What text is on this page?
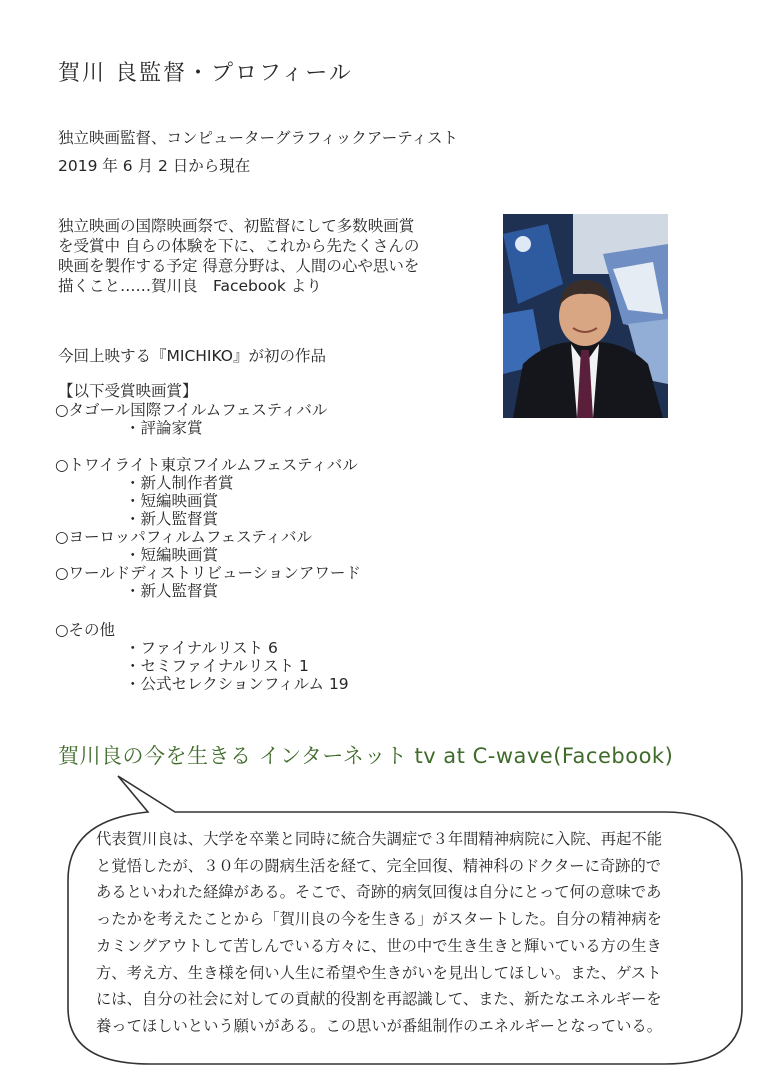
賀川 良監督・プロフィール
独立映画監督、コンピューターグラフィックアーティスト
2019 年 6 月 2 日から現在
独立映画の国際映画祭で、初監督にして多数映画賞
を受賞中 自らの体験を下に、これから先たくさんの
映画を製作する予定 得意分野は、人間の心や思いを
描くこと……賀川良　Facebook より
今回上映する『MICHIKO』が初の作品
【以下受賞映画賞】
○タゴール国際フイルムフェスティバル
・評論家賞
○トワイライト東京フイルムフェスティバル
・新人制作者賞
・短編映画賞
・新人監督賞
○ヨーロッパフィルムフェスティバル
・短編映画賞
○ワールドディストリビューションアワード
・新人監督賞
○その他
・ファイナルリスト 6
・セミファイナルリスト 1
・公式セレクションフィルム 19
賀川良の今を生きる インターネット tv at C-wave(Facebook)
代表賀川良は、大学を卒業と同時に統合失調症で３年間精神病院に入院、再起不能
と覚悟したが、３０年の闘病生活を経て、完全回復、精神科のドクターに奇跡的で
あるといわれた経緯がある。そこで、奇跡的病気回復は自分にとって何の意味であ
ったかを考えたことから「賀川良の今を生きる」がスタートした。自分の精神病を
カミングアウトして苦しんでいる方々に、世の中で生き生きと輝いている方の生き
方、考え方、生き様を伺い人生に希望や生きがいを見出してほしい。また、ゲスト
には、自分の社会に対しての貢献的役割を再認識して、また、新たなエネルギーを
養ってほしいという願いがある。この思いが番組制作のエネルギーとなっている。
